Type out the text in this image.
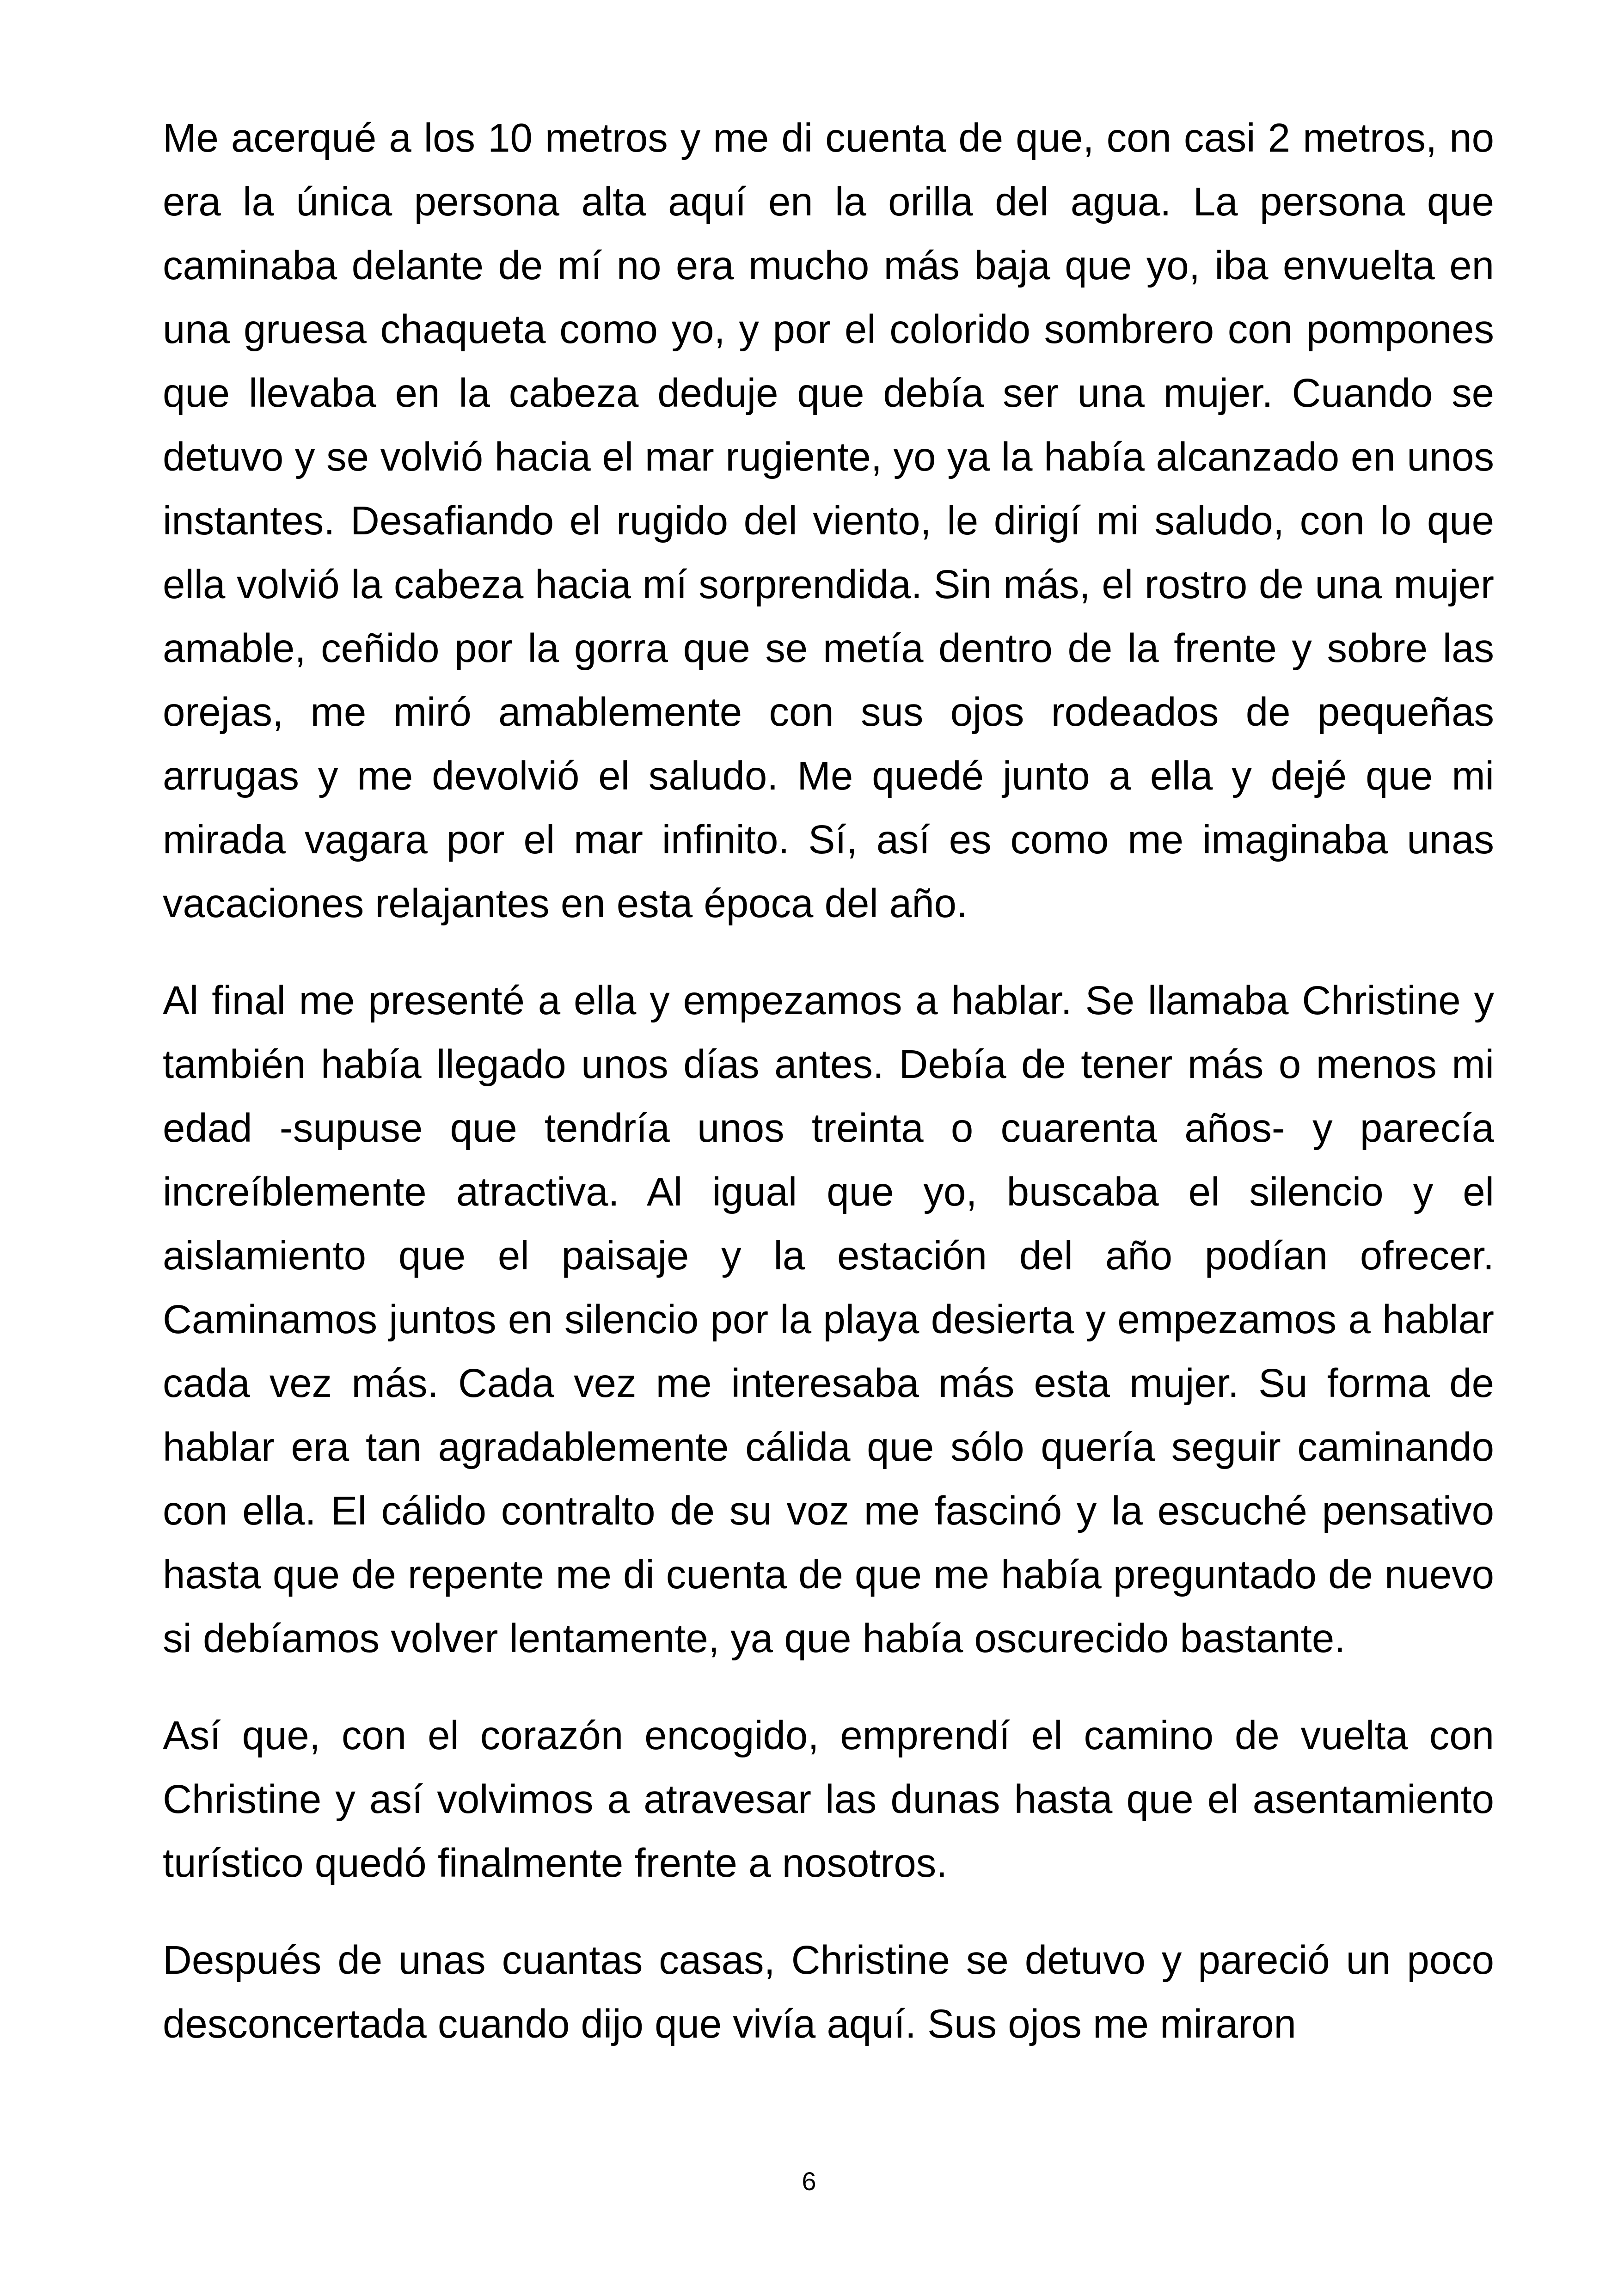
Me acerqué a los 10 metros y me di cuenta de que, con casi 2 metros, no era la única persona alta aquí en la orilla del agua. La persona que caminaba delante de mí no era mucho más baja que yo, iba envuelta en una gruesa chaqueta como yo, y por el colorido sombrero con pompones que llevaba en la cabeza deduje que debía ser una mujer. Cuando se detuvo y se volvió hacia el mar rugiente, yo ya la había alcanzado en unos instantes. Desafiando el rugido del viento, le dirigí mi saludo, con lo que ella volvió la cabeza hacia mí sorprendida. Sin más, el rostro de una mujer amable, ceñido por la gorra que se metía dentro de la frente y sobre las orejas, me miró amablemente con sus ojos rodeados de pequeñas arrugas y me devolvió el saludo. Me quedé junto a ella y dejé que mi mirada vagara por el mar infinito. Sí, así es como me imaginaba unas vacaciones relajantes en esta época del año.

Al final me presenté a ella y empezamos a hablar. Se llamaba Christine y también había llegado unos días antes. Debía de tener más o menos mi edad -supuse que tendría unos treinta o cuarenta años- y parecía increíblemente atractiva. Al igual que yo, buscaba el silencio y el aislamiento que el paisaje y la estación del año podían ofrecer. Caminamos juntos en silencio por la playa desierta y empezamos a hablar cada vez más. Cada vez me interesaba más esta mujer. Su forma de hablar era tan agradablemente cálida que sólo quería seguir caminando con ella. El cálido contralto de su voz me fascinó y la escuché pensativo hasta que de repente me di cuenta de que me había preguntado de nuevo si debíamos volver lentamente, ya que había oscurecido bastante.

Así que, con el corazón encogido, emprendí el camino de vuelta con Christine y así volvimos a atravesar las dunas hasta que el asentamiento turístico quedó finalmente frente a nosotros.

Después de unas cuantas casas, Christine se detuvo y pareció un poco desconcertada cuando dijo que vivía aquí. Sus ojos me miraron

6
